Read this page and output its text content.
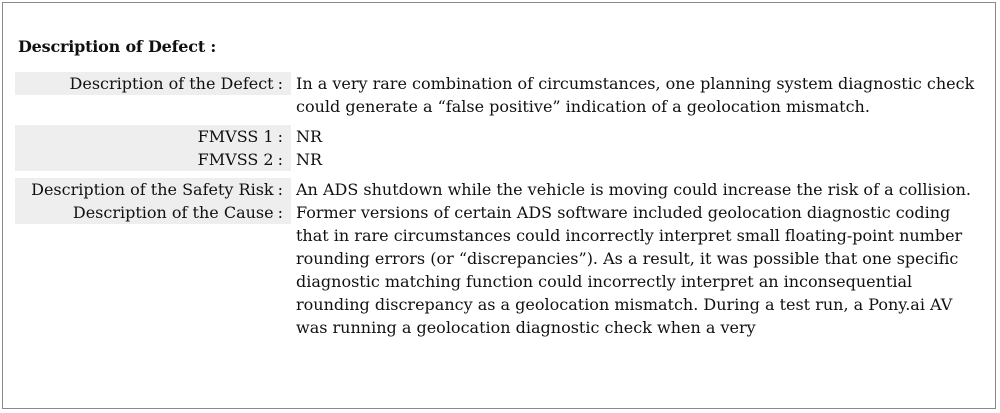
Description of Defect :
Description of the Defect : In a very rare combination of circumstances, one planning system diagnostic check could generate a “false positive” indication of a geolocation mismatch.
FMVSS 1 : NR
FMVSS 2 : NR
Description of the Safety Risk : An ADS shutdown while the vehicle is moving could increase the risk of a collision.
Description of the Cause : Former versions of certain ADS software included geolocation diagnostic coding that in rare circumstances could incorrectly interpret small floating-point number rounding errors (or “discrepancies”). As a result, it was possible that one specific diagnostic matching function could incorrectly interpret an inconsequential rounding discrepancy as a geolocation mismatch. During a test run, a Pony.ai AV was running a geolocation diagnostic check when a very
